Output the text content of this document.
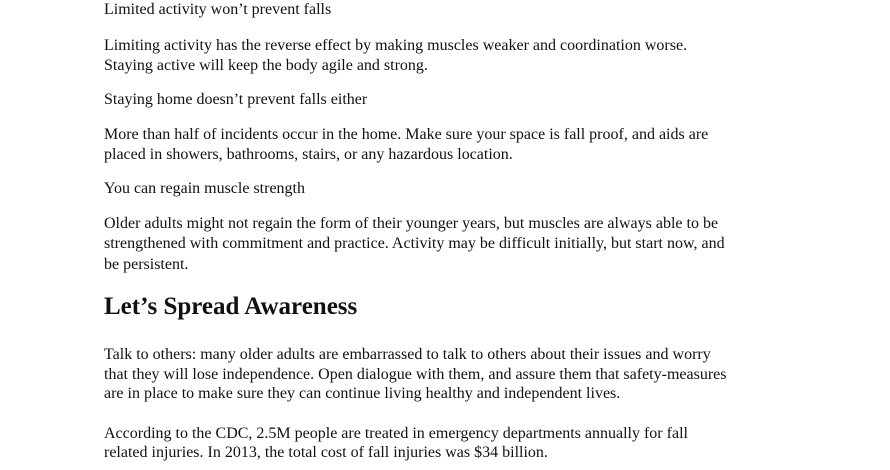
Limited activity won’t prevent falls

Limiting activity has the reverse effect by making muscles weaker and coordination worse.

Staying active will keep the body agile and strong.

Staying home doesn’t prevent falls either

More than half of incidents occur in the home. Make sure your space is fall proof, and aids are

placed in showers, bathrooms, stairs, or any hazardous location.

You can regain muscle strength

Older adults might not regain the form of their younger years, but muscles are always able to be

strengthened with commitment and practice. Activity may be difficult initially, but start now, and

be persistent.

Let’s Spread Awareness

Talk to others: many older adults are embarrassed to talk to others about their issues and worry

that they will lose independence. Open dialogue with them, and assure them that safety-measures

are in place to make sure they can continue living healthy and independent lives.

According to the CDC, 2.5M people are treated in emergency departments annually for fall

related injuries. In 2013, the total cost of fall injuries was $34 billion.
